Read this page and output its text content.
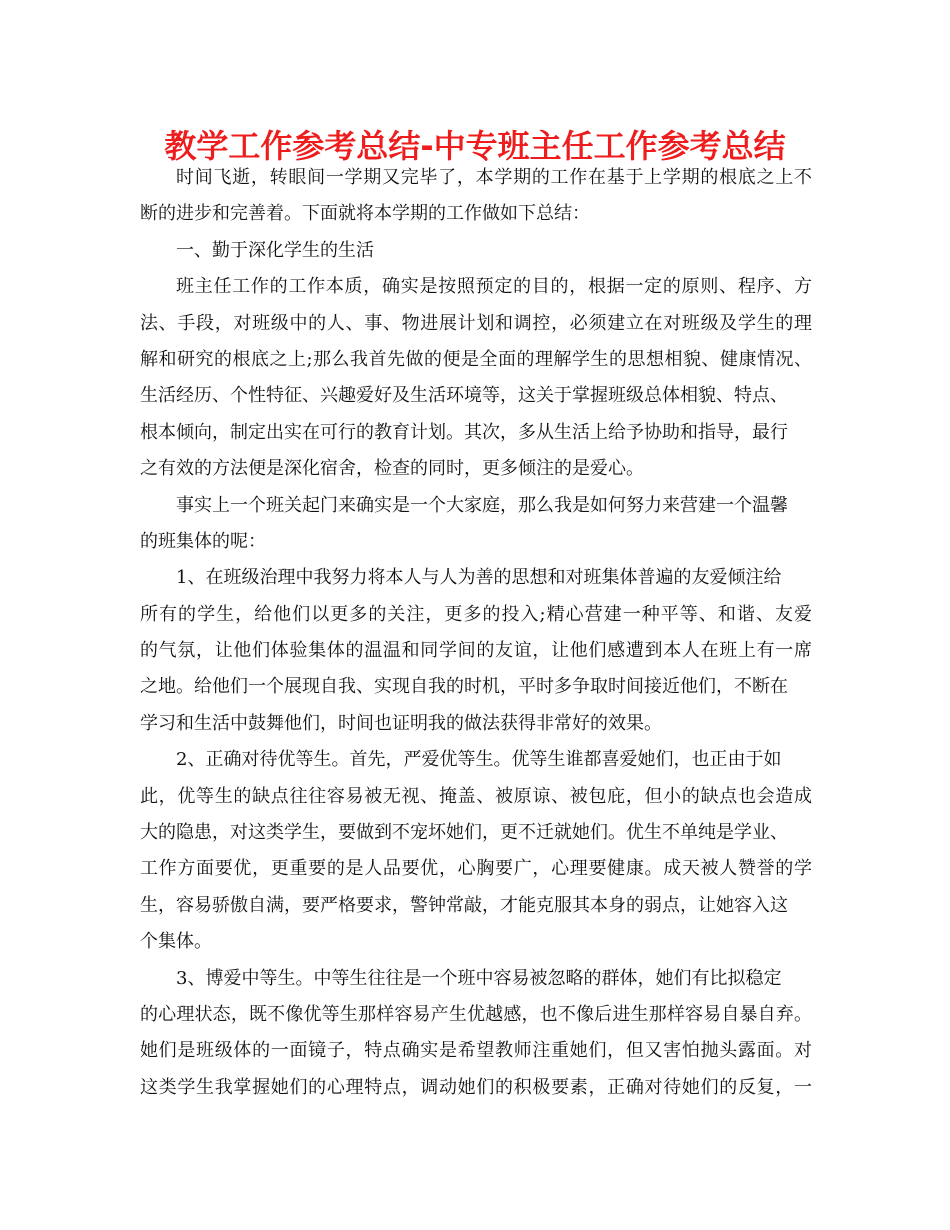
教学工作参考总结-中专班主任工作参考总结
时间飞逝，转眼间一学期又完毕了，本学期的工作在基于上学期的根底之上不
断的进步和完善着。下面就将本学期的工作做如下总结：
一、勤于深化学生的生活
班主任工作的工作本质，确实是按照预定的目的，根据一定的原则、程序、方
法、手段，对班级中的人、事、物进展计划和调控，必须建立在对班级及学生的理
解和研究的根底之上;那么我首先做的便是全面的理解学生的思想相貌、健康情况、
生活经历、个性特征、兴趣爱好及生活环境等，这关于掌握班级总体相貌、特点、
根本倾向，制定出实在可行的教育计划。其次，多从生活上给予协助和指导，最行
之有效的方法便是深化宿舍，检查的同时，更多倾注的是爱心。
事实上一个班关起门来确实是一个大家庭，那么我是如何努力来营建一个温馨
的班集体的呢：
1、在班级治理中我努力将本人与人为善的思想和对班集体普遍的友爱倾注给
所有的学生，给他们以更多的关注，更多的投入;精心营建一种平等、和谐、友爱
的气氛，让他们体验集体的温温和同学间的友谊，让他们感遭到本人在班上有一席
之地。给他们一个展现自我、实现自我的时机，平时多争取时间接近他们，不断在
学习和生活中鼓舞他们，时间也证明我的做法获得非常好的效果。
2、正确对待优等生。首先，严爱优等生。优等生谁都喜爱她们，也正由于如
此，优等生的缺点往往容易被无视、掩盖、被原谅、被包庇，但小的缺点也会造成
大的隐患，对这类学生，要做到不宠坏她们，更不迁就她们。优生不单纯是学业、
工作方面要优，更重要的是人品要优，心胸要广，心理要健康。成天被人赞誉的学
生，容易骄傲自满，要严格要求，警钟常敲，才能克服其本身的弱点，让她容入这
个集体。
3、博爱中等生。中等生往往是一个班中容易被忽略的群体，她们有比拟稳定
的心理状态，既不像优等生那样容易产生优越感，也不像后进生那样容易自暴自弃。
她们是班级体的一面镜子，特点确实是希望教师注重她们，但又害怕抛头露面。对
这类学生我掌握她们的心理特点，调动她们的积极要素，正确对待她们的反复，一
